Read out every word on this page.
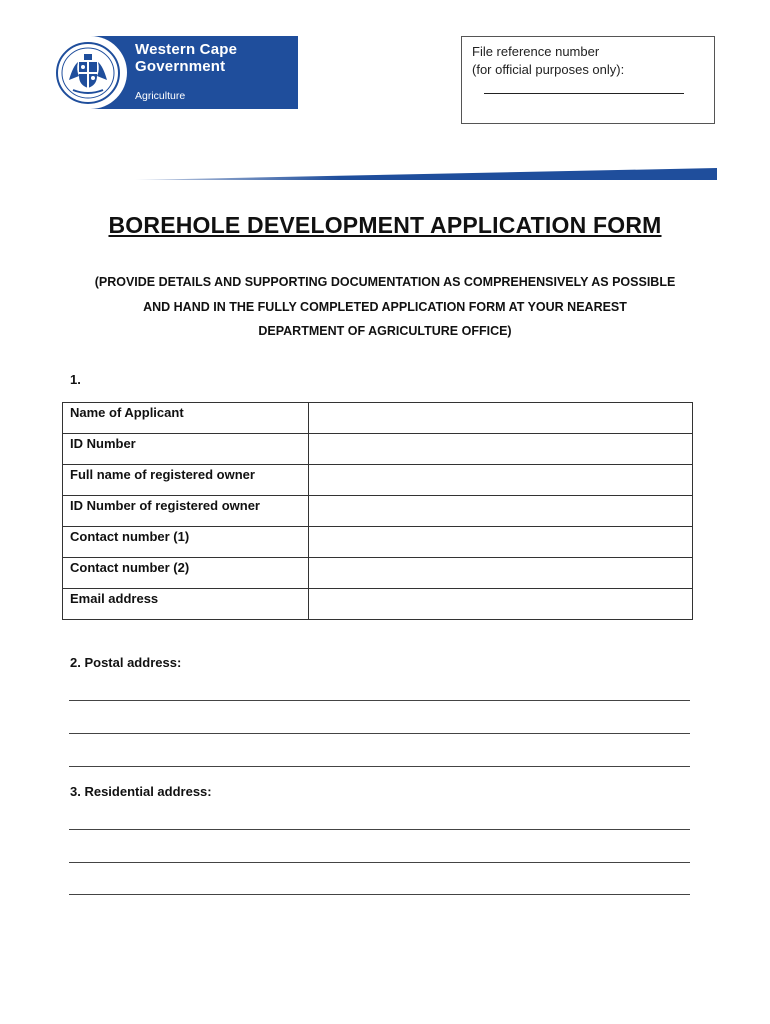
Western Cape
Government
Agriculture
File reference number
(for official purposes only):
BOREHOLE DEVELOPMENT APPLICATION FORM
(PROVIDE DETAILS AND SUPPORTING DOCUMENTATION AS COMPREHENSIVELY AS POSSIBLE
AND HAND IN THE FULLY COMPLETED APPLICATION FORM AT YOUR NEAREST
DEPARTMENT OF AGRICULTURE OFFICE)
1.
Name of Applicant	
ID Number	
Full name of registered owner	
ID Number of registered owner	
Contact number (1)	
Contact number (2)	
Email address	
2. Postal address:
3. Residential address:
